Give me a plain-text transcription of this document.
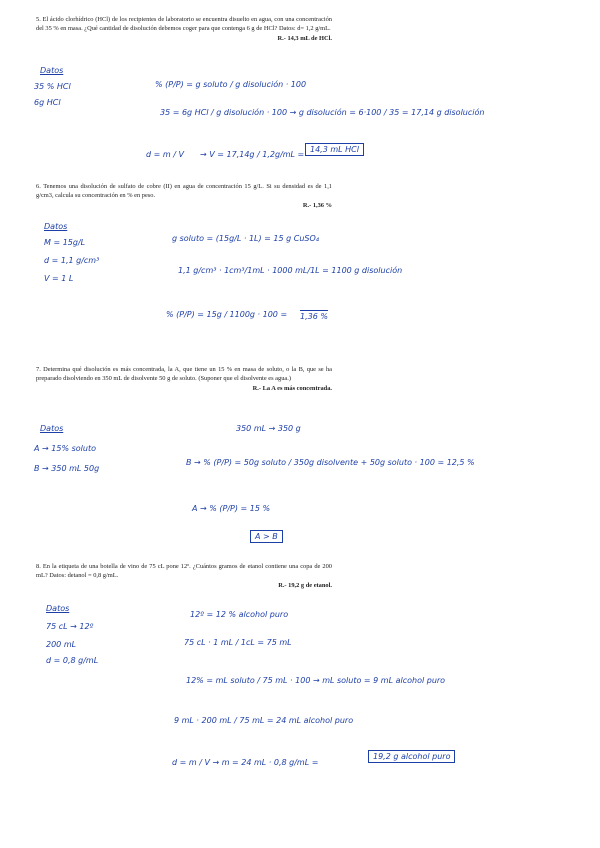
5. El ácido clorhídrico (HCl) de los recipientes de laboratorio se encuentra disuelto en agua, con una concentración del 35 % en masa. ¿Qué cantidad de disolución debemos coger para que contenga 6 g de HCl? Datos: d= 1,2 g/mL.

R.- 14,3 mL de HCl.
Datos
35 % HCl
6g HCl
% (P/P) = g soluto / g disolución · 100
35 = 6g HCl / g disolución · 100 → g disolución = 6·100 / 35 = 17,14 g disolución
d = m / V → V = 17,14g / 1,2g/mL =
14,3 mL HCl

6. Tenemos una disolución de sulfato de cobre (II) en agua de concentración 15 g/L. Si su densidad es de 1,1 g/cm3, calcula su concentración en % en peso.

R.- 1,36 %
Datos
M = 15g/L
d = 1,1 g/cm³
V = 1 L
g soluto = (15g/L · 1L) = 15 g CuSO₄
1,1 g/cm³ · 1cm³/1mL · 1000 mL/1L = 1100 g disolución
% (P/P) = 15g / 1100g · 100 = 1,36 %

7. Determina qué disolución es más concentrada, la A, que tiene un 15 % en masa de soluto, o la B, que se ha preparado disolviendo en 350 mL de disolvente 50 g de soluto. (Suponer que el disolvente es agua.)

R.- La A es más concentrada.
Datos
A → 15% soluto
B → 350 mL 50g
350 mL → 350 g
B → % (P/P) = 50g soluto / 350g disolvente + 50g soluto · 100 = 12,5 %
A → % (P/P) = 15 %
A > B

8. En la etiqueta de una botella de vino de 75 cL pone 12º. ¿Cuántos gramos de etanol contiene una copa de 200 mL? Datos: detanol = 0,8 g/mL.

R.- 19,2 g de etanol.
Datos
75 cL → 12º
200 mL
d = 0,8 g/mL
12º = 12 % alcohol puro
75 cL · 1 mL / 1cL = 75 mL
12% = mL soluto / 75 mL · 100 → mL soluto = 9 mL alcohol puro
9 mL · 200 mL / 75 mL = 24 mL alcohol puro
d = m / V → m = 24 mL · 0,8 g/mL =
19,2 g alcohol puro
